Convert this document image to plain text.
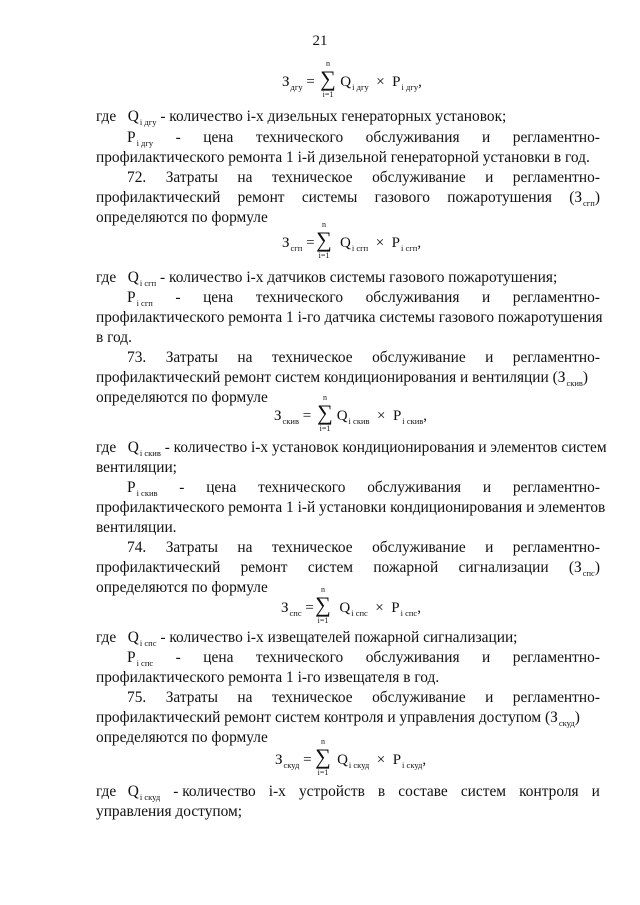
21
$З_{дгу} = Q_{i дгу} \times P_{i дгу}$,
n
∑
i=1
где   $Q_{i дгу}$ - количество i-х дизельных генераторных установок;
$P_{i дгу}$ - цена технического обслуживания и регламентно-
профилактического ремонта 1 i-й дизельной генераторной установки в год.
72. Затраты на техническое обслуживание и регламентно-
профилактический ремонт системы газового пожаротушения $(З_{сгп})$
определяются по формуле
$З_{сгп} = Q_{i сгп} \times P_{i сгп}$,
n
∑
i=1
где   $Q_{i сгп}$ - количество i-х датчиков системы газового пожаротушения;
$P_{i сгп}$ - цена технического обслуживания и регламентно-
профилактического ремонта 1 i-го датчика системы газового пожаротушения
в год.
73. Затраты на техническое обслуживание и регламентно-
профилактический ремонт систем кондиционирования и вентиляции $(З_{скив})$
определяются по формуле
$З_{скив} = Q_{i скив} \times P_{i скив}$,
n
∑
i=1
где   $Q_{i скив}$ - количество i-х установок кондиционирования и элементов систем
вентиляции;
$P_{i скив}$ - цена технического обслуживания и регламентно-
профилактического ремонта 1 i-й установки кондиционирования и элементов
вентиляции.
74. Затраты на техническое обслуживание и регламентно-
профилактический ремонт систем пожарной сигнализации $(З_{спс})$
определяются по формуле
$З_{спс} = Q_{i спс} \times P_{i спс}$,
n
∑
i=1
где   $Q_{i спс}$ - количество i-х извещателей пожарной сигнализации;
$P_{i спс}$ - цена технического обслуживания и регламентно-
профилактического ремонта 1 i-го извещателя в год.
75. Затраты на техническое обслуживание и регламентно-
профилактический ремонт систем контроля и управления доступом $(З_{скуд})$
определяются по формуле
$З_{скуд} = Q_{i скуд} \times P_{i скуд}$,
n
∑
i=1
где   $Q_{i скуд}$ - количество i-х устройств в составе систем контроля и
управления доступом;
